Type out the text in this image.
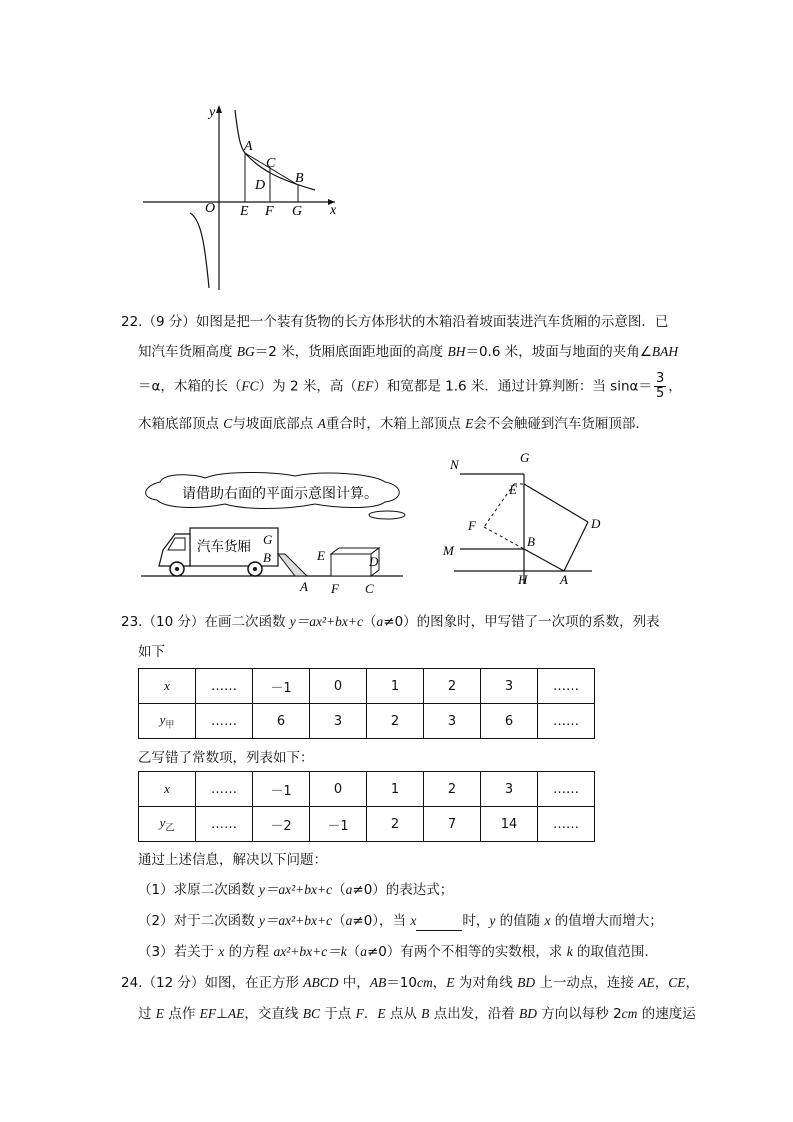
y
x
O
A
C
D B
E F G
22.（9 分）如图是把一个装有货物的长方体形状的木箱沿着坡面装进汽车货厢的示意图．已
知汽车货厢高度 BG＝2 米，货厢底面距地面的高度 BH＝0.6 米，坡面与地面的夹角∠BAH
＝α，木箱的长（FC）为 2 米，高（EF）和宽都是 1.6 米．通过计算判断：当 $\sin\alpha= \frac{3}{5}$ ，
木箱底部顶点 C与坡面底部点 A重合时，木箱上部顶点 E会不会触碰到汽车货厢顶部．
请借助右面的平面示意图计算。
汽车货厢 G
B	E	D
A F C
N	G
E
F	D
M
B
H	A
23.（10 分）在画二次函数 y＝ax²+bx+c（a≠0）的图象时，甲写错了一次项的系数，列表
如下
x	……	－1	0	1	2	3	……
$y_甲$	……	6	3	2	3	6	……
乙写错了常数项，列表如下：
x	……	－1	0	1	2	3	……
$y_乙$	……	－2	－1	2	7	14	……
通过上述信息，解决以下问题：
（1）求原二次函数 y＝ax²+bx+c（a≠0）的表达式；
（2）对于二次函数 y＝ax²+bx+c（a≠0），当 x	时，y 的值随 x 的值增大而增大；
（3）若关于 x 的方程 ax²+bx+c＝k（a≠0）有两个不相等的实数根，求 k 的取值范围．
24.（12 分）如图，在正方形 ABCD 中，AB＝10cm，E 为对角线 BD 上一动点，连接 AE，CE，
过 E 点作 EF⊥AE，交直线 BC 于点 F．E 点从 B 点出发，沿着 BD 方向以每秒 2cm 的速度运
